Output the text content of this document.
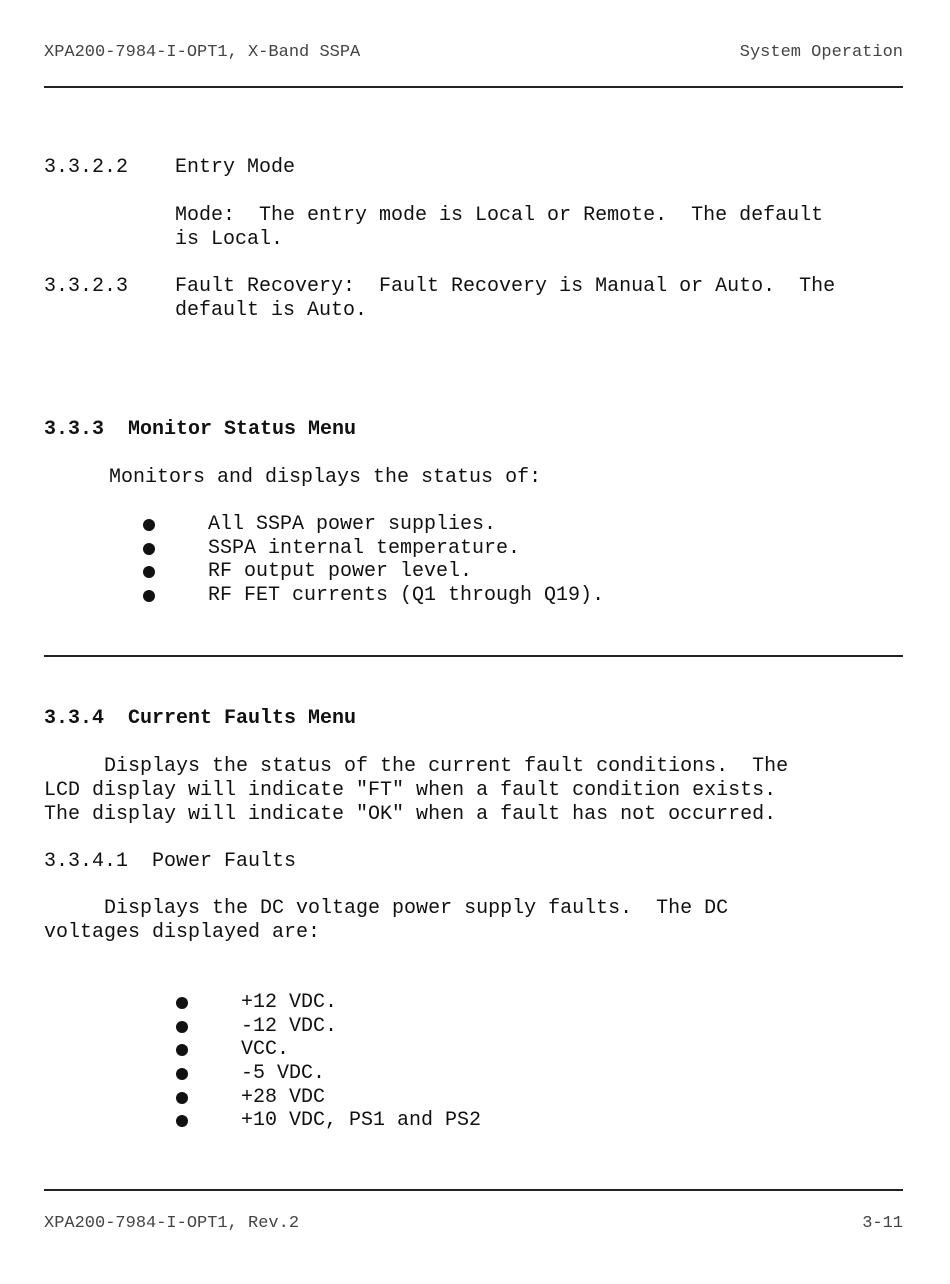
XPA200-7984-I-OPT1, X-Band SSPA	System Operation
3.3.2.2 Entry Mode
Mode:  The entry mode is Local or Remote.  The default
is Local.
3.3.2.3 Fault Recovery:  Fault Recovery is Manual or Auto.  The
default is Auto.
3.3.3  Monitor Status Menu
Monitors and displays the status of:
All SSPA power supplies.
SSPA internal temperature.
RF output power level.
RF FET currents (Q1 through Q19).
3.3.4  Current Faults Menu
Displays the status of the current fault conditions.  The
LCD display will indicate "FT" when a fault condition exists.
The display will indicate "OK" when a fault has not occurred.
3.3.4.1  Power Faults
Displays the DC voltage power supply faults.  The DC
voltages displayed are:
+12 VDC.
-12 VDC.
VCC.
-5 VDC.
+28 VDC
+10 VDC, PS1 and PS2
XPA200-7984-I-OPT1, Rev.2	3-11
